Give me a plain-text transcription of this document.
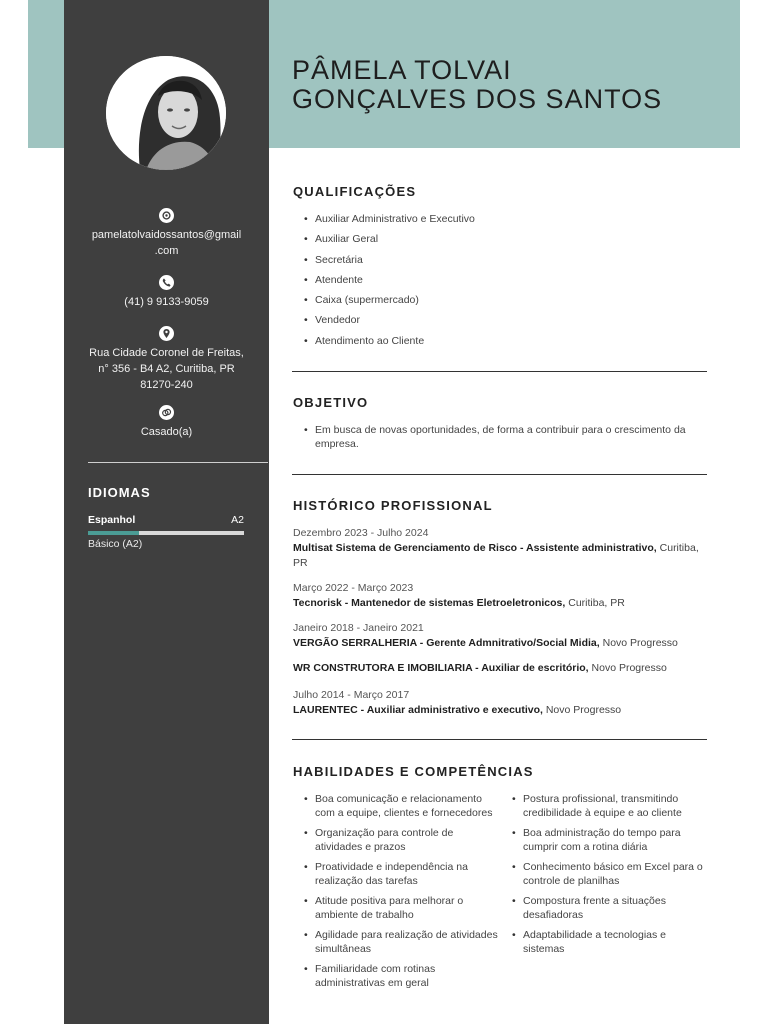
pamelatolvaidossantos@gmail
.com
(41) 9 9133-9059
Rua Cidade Coronel de Freitas,
n° 356 - B4 A2, Curitiba, PR
81270-240
Casado(a)
IDIOMAS
Espanhol	A2
Básico (A2)
PÂMELA TOLVAI
GONÇALVES DOS SANTOS
QUALIFICAÇÕES
• Auxiliar Administrativo e Executivo
• Auxiliar Geral
• Secretária
• Atendente
• Caixa (supermercado)
• Vendedor
• Atendimento ao Cliente
OBJETIVO
• Em busca de novas oportunidades, de forma a contribuir para o crescimento da empresa.
HISTÓRICO PROFISSIONAL
Dezembro 2023 - Julho 2024
Multisat Sistema de Gerenciamento de Risco - Assistente administrativo, Curitiba, PR
Março 2022 - Março 2023
Tecnorisk - Mantenedor de sistemas Eletroeletronicos, Curitiba, PR
Janeiro 2018 - Janeiro 2021
VERGÃO SERRALHERIA - Gerente Admnitrativo/Social Midia, Novo Progresso
WR CONSTRUTORA E IMOBILIARIA - Auxiliar de escritório, Novo Progresso
Julho 2014 - Março 2017
LAURENTEC - Auxiliar administrativo e executivo, Novo Progresso
HABILIDADES E COMPETÊNCIAS
• Boa comunicação e relacionamento com a equipe, clientes e fornecedores
• Organização para controle de atividades e prazos
• Proatividade e independência na realização das tarefas
• Atitude positiva para melhorar o ambiente de trabalho
• Agilidade para realização de atividades simultâneas
• Familiaridade com rotinas administrativas em geral
• Postura profissional, transmitindo credibilidade à equipe e ao cliente
• Boa administração do tempo para cumprir com a rotina diária
• Conhecimento básico em Excel para o controle de planilhas
• Compostura frente a situações desafiadoras
• Adaptabilidade a tecnologias e sistemas
